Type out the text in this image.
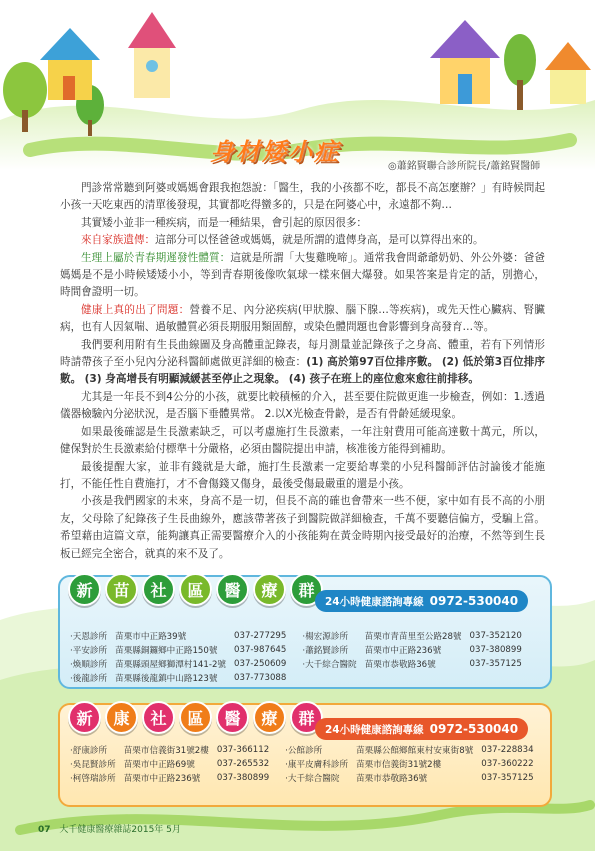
身材矮小症
◎蕭銘賢聯合診所院長/蕭銘賢醫師

門診常常聽到阿婆或媽媽會跟我抱怨說：「醫生，我的小孩都不吃，都長不高怎麼辦？」有時候問起小孩一天吃東西的清單後發現，其實都吃得蠻多的，只是在阿婆心中，永遠都不夠…

其實矮小並非一種疾病，而是一種結果，會引起的原因很多：

來自家族遺傳：這部分可以怪爸爸或媽媽，就是所謂的遺傳身高，是可以算得出來的。

生理上屬於青春期遲發性體質：這就是所謂「大隻雞晚啼」。通常我會問爺爺奶奶、外公外婆：爸爸媽媽是不是小時候矮矮小小，等到青春期後像吹氣球一樣來個大爆發。如果答案是肯定的話，別擔心，時間會證明一切。

健康上真的出了問題：營養不足、內分泌疾病(甲狀腺、腦下腺…等疾病)，或先天性心臟病、腎臟病，也有人因氣喘、過敏體質必須長期服用類固醇，或染色體問題也會影響到身高發育…等。

我們要利用附有生長曲線圖及身高體重記錄表，每月測量並記錄孩子之身高、體重，若有下列情形時請帶孩子至小兒內分泌科醫師處做更詳細的檢查：(1) 高於第97百位排序數。 (2) 低於第3百位排序數。 (3) 身高增長有明顯減緩甚至停止之現象。 (4) 孩子在班上的座位愈來愈往前排移。

尤其是一年長不到4公分的小孩，就要比較積極的介入，甚至要住院做更進一步檢查，例如：1.透過儀器檢驗內分泌狀況，是否腦下垂體異常。 2.以X光檢查骨齡，是否有骨齡延緩現象。

如果最後確認是生長激素缺乏，可以考慮施打生長激素，一年注射費用可能高達數十萬元，所以，健保對於生長激素給付標準十分嚴格，必須由醫院提出申請，核准後方能得到補助。

最後提醒大家，並非有錢就是大爺，施打生長激素一定要給專業的小兒科醫師評估討論後才能施打，不能任性自費施打，才不會傷錢又傷身，最後受傷最嚴重的還是小孩。

小孩是我們國家的未來，身高不是一切，但長不高的確也會帶來一些不便，家中如有長不高的小朋友，父母除了紀錄孩子生長曲線外，應該帶著孩子到醫院做詳細檢查，千萬不要聽信偏方，受騙上當。希望藉由這篇文章，能夠讓真正需要醫療介入的小孩能夠在黃金時期內接受最好的治療，不然等到生長板已經完全密合，就真的來不及了。

新	苗	社	區	醫	療	群
24小時健康諮詢專線 0972-530040
‧天恩診所	苗栗市中正路39號	037-277295	‧楊宏源診所	苗栗市青苗里至公路28號	037-352120
‧平安診所	苗栗縣銅鑼鄉中正路150號	037-987645	‧蕭銘賢診所	苗栗市中正路236號	037-380899
‧煥順診所	苗栗縣頭屋鄉獅潭村141-2號	037-250609	‧大千綜合醫院	苗栗市恭敬路36號	037-357125
‧後龍診所	苗栗縣後龍鎮中山路123號	037-773088			
新	康	社	區	醫	療	群
24小時健康諮詢專線 0972-530040
‧舒康診所	苗栗市信義街31號2樓	037-366112	‧公館診所	苗栗縣公館鄉館東村安東街8號	037-228834
‧吳昆賢診所	苗栗市中正路69號	037-265532	‧康平皮膚科診所	苗栗市信義街31號2樓	037-360222
‧柯啓瑞診所	苗栗市中正路236號	037-380899	‧大千綜合醫院	苗栗市恭敬路36號	037-357125
07 大千健康醫療雜誌2015年 5月
